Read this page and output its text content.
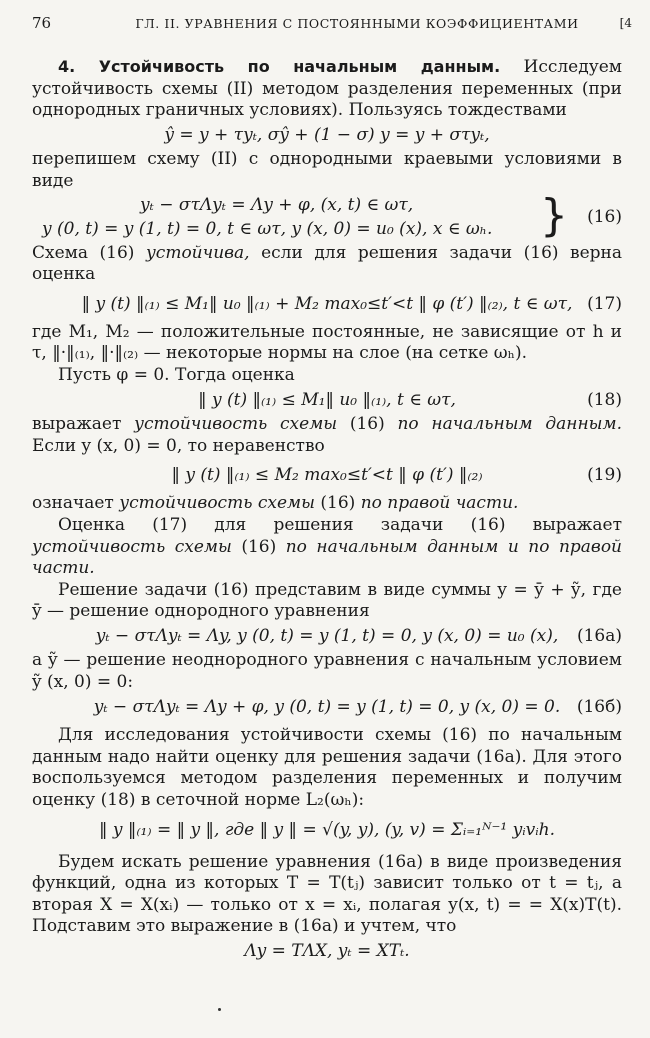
76	ГЛ. II. УРАВНЕНИЯ С ПОСТОЯННЫМИ КОЭФФИЦИЕНТАМИ	[4

4. Устойчивость по начальным данным. Исследуем устойчивость схемы (II) методом разделения переменных (при однородных граничных условиях). Пользуясь тождествами

ŷ = y + τyₜ, σŷ + (1 − σ) y = y + στyₜ,

перепишем схему (II) с однородными краевыми условиями в виде

yₜ − στΛyₜ = Λy + φ, (x, t) ∈ ωτ,
y (0, t) = y (1, t) = 0, t ∈ ωτ, y (x, 0) = u₀ (x), x ∈ ωₕ. } (16)

Схема (16) устойчива, если для решения задачи (16) верна оценка

‖ y (t) ‖₍₁₎ ≤ M₁‖ u₀ ‖₍₁₎ + M₂ max₀≤t′<t ‖ φ (t′) ‖₍₂₎, t ∈ ωτ, (17)

где M₁, M₂ — положительные постоянные, не зависящие от h и τ, ‖·‖₍₁₎, ‖·‖₍₂₎ — некоторые нормы на слое (на сетке ωₕ).

Пусть φ = 0. Тогда оценка

‖ y (t) ‖₍₁₎ ≤ M₁‖ u₀ ‖₍₁₎, t ∈ ωτ,	(18)

выражает устойчивость схемы (16) по начальным данным. Если y (x, 0) = 0, то неравенство

‖ y (t) ‖₍₁₎ ≤ M₂ max₀≤t′<t ‖ φ (t′) ‖₍₂₎	(19)

означает устойчивость схемы (16) по правой части.

Оценка (17) для решения задачи (16) выражает устойчивость схемы (16) по начальным данным и по правой части.

Решение задачи (16) представим в виде суммы y = ȳ + ỹ, где ȳ — решение однородного уравнения

yₜ − στΛyₜ = Λy, y (0, t) = y (1, t) = 0, y (x, 0) = u₀ (x), (16а)

а ỹ — решение неоднородного уравнения с начальным условием ỹ (x, 0) = 0:

yₜ − στΛyₜ = Λy + φ, y (0, t) = y (1, t) = 0, y (x, 0) = 0. (16б)

Для исследования устойчивости схемы (16) по начальным данным надо найти оценку для решения задачи (16а). Для этого воспользуемся методом разделения переменных и получим оценку (18) в сеточной норме L₂(ωₕ):

‖ y ‖₍₁₎ = ‖ y ‖, где ‖ y ‖ = √(y, y), (y, v) = Σᵢ₌₁ᴺ⁻¹ yᵢvᵢh.

Будем искать решение уравнения (16а) в виде произведения функций, одна из которых T = T(tⱼ) зависит только от t = tⱼ, а вторая X = X(xᵢ) — только от x = xᵢ, полагая y(x, t) = = X(x)T(t). Подставим это выражение в (16а) и учтем, что

Λy = TΛX, yₜ = XTₜ.
